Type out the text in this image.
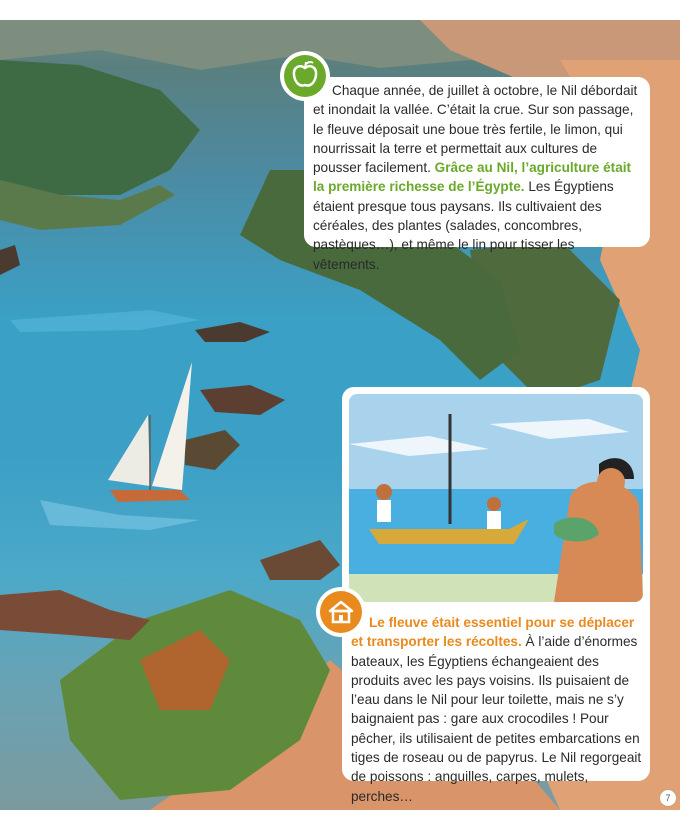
Chaque année, de juillet à octobre, le Nil débordait et inondait la vallée. C’était la crue. Sur son passage, le fleuve déposait une boue très fertile, le limon, qui nourrissait la terre et permettait aux cultures de pousser facilement. Grâce au Nil, l’agriculture était la première richesse de l’Égypte. Les Égyptiens étaient presque tous paysans. Ils cultivaient des céréales, des plantes (salades, concombres, pastèques…), et même le lin pour tisser les vêtements.

Le fleuve était essentiel pour se déplacer et transporter les récoltes. À l’aide d’énormes bateaux, les Égyptiens échangeaient des produits avec les pays voisins. Ils puisaient de l’eau dans le Nil pour leur toilette, mais ne s’y baignaient pas : gare aux crocodiles ! Pour pêcher, ils utilisaient de petites embarcations en tiges de roseau ou de papyrus. Le Nil regorgeait de poissons : anguilles, carpes, mulets, perches…	7
